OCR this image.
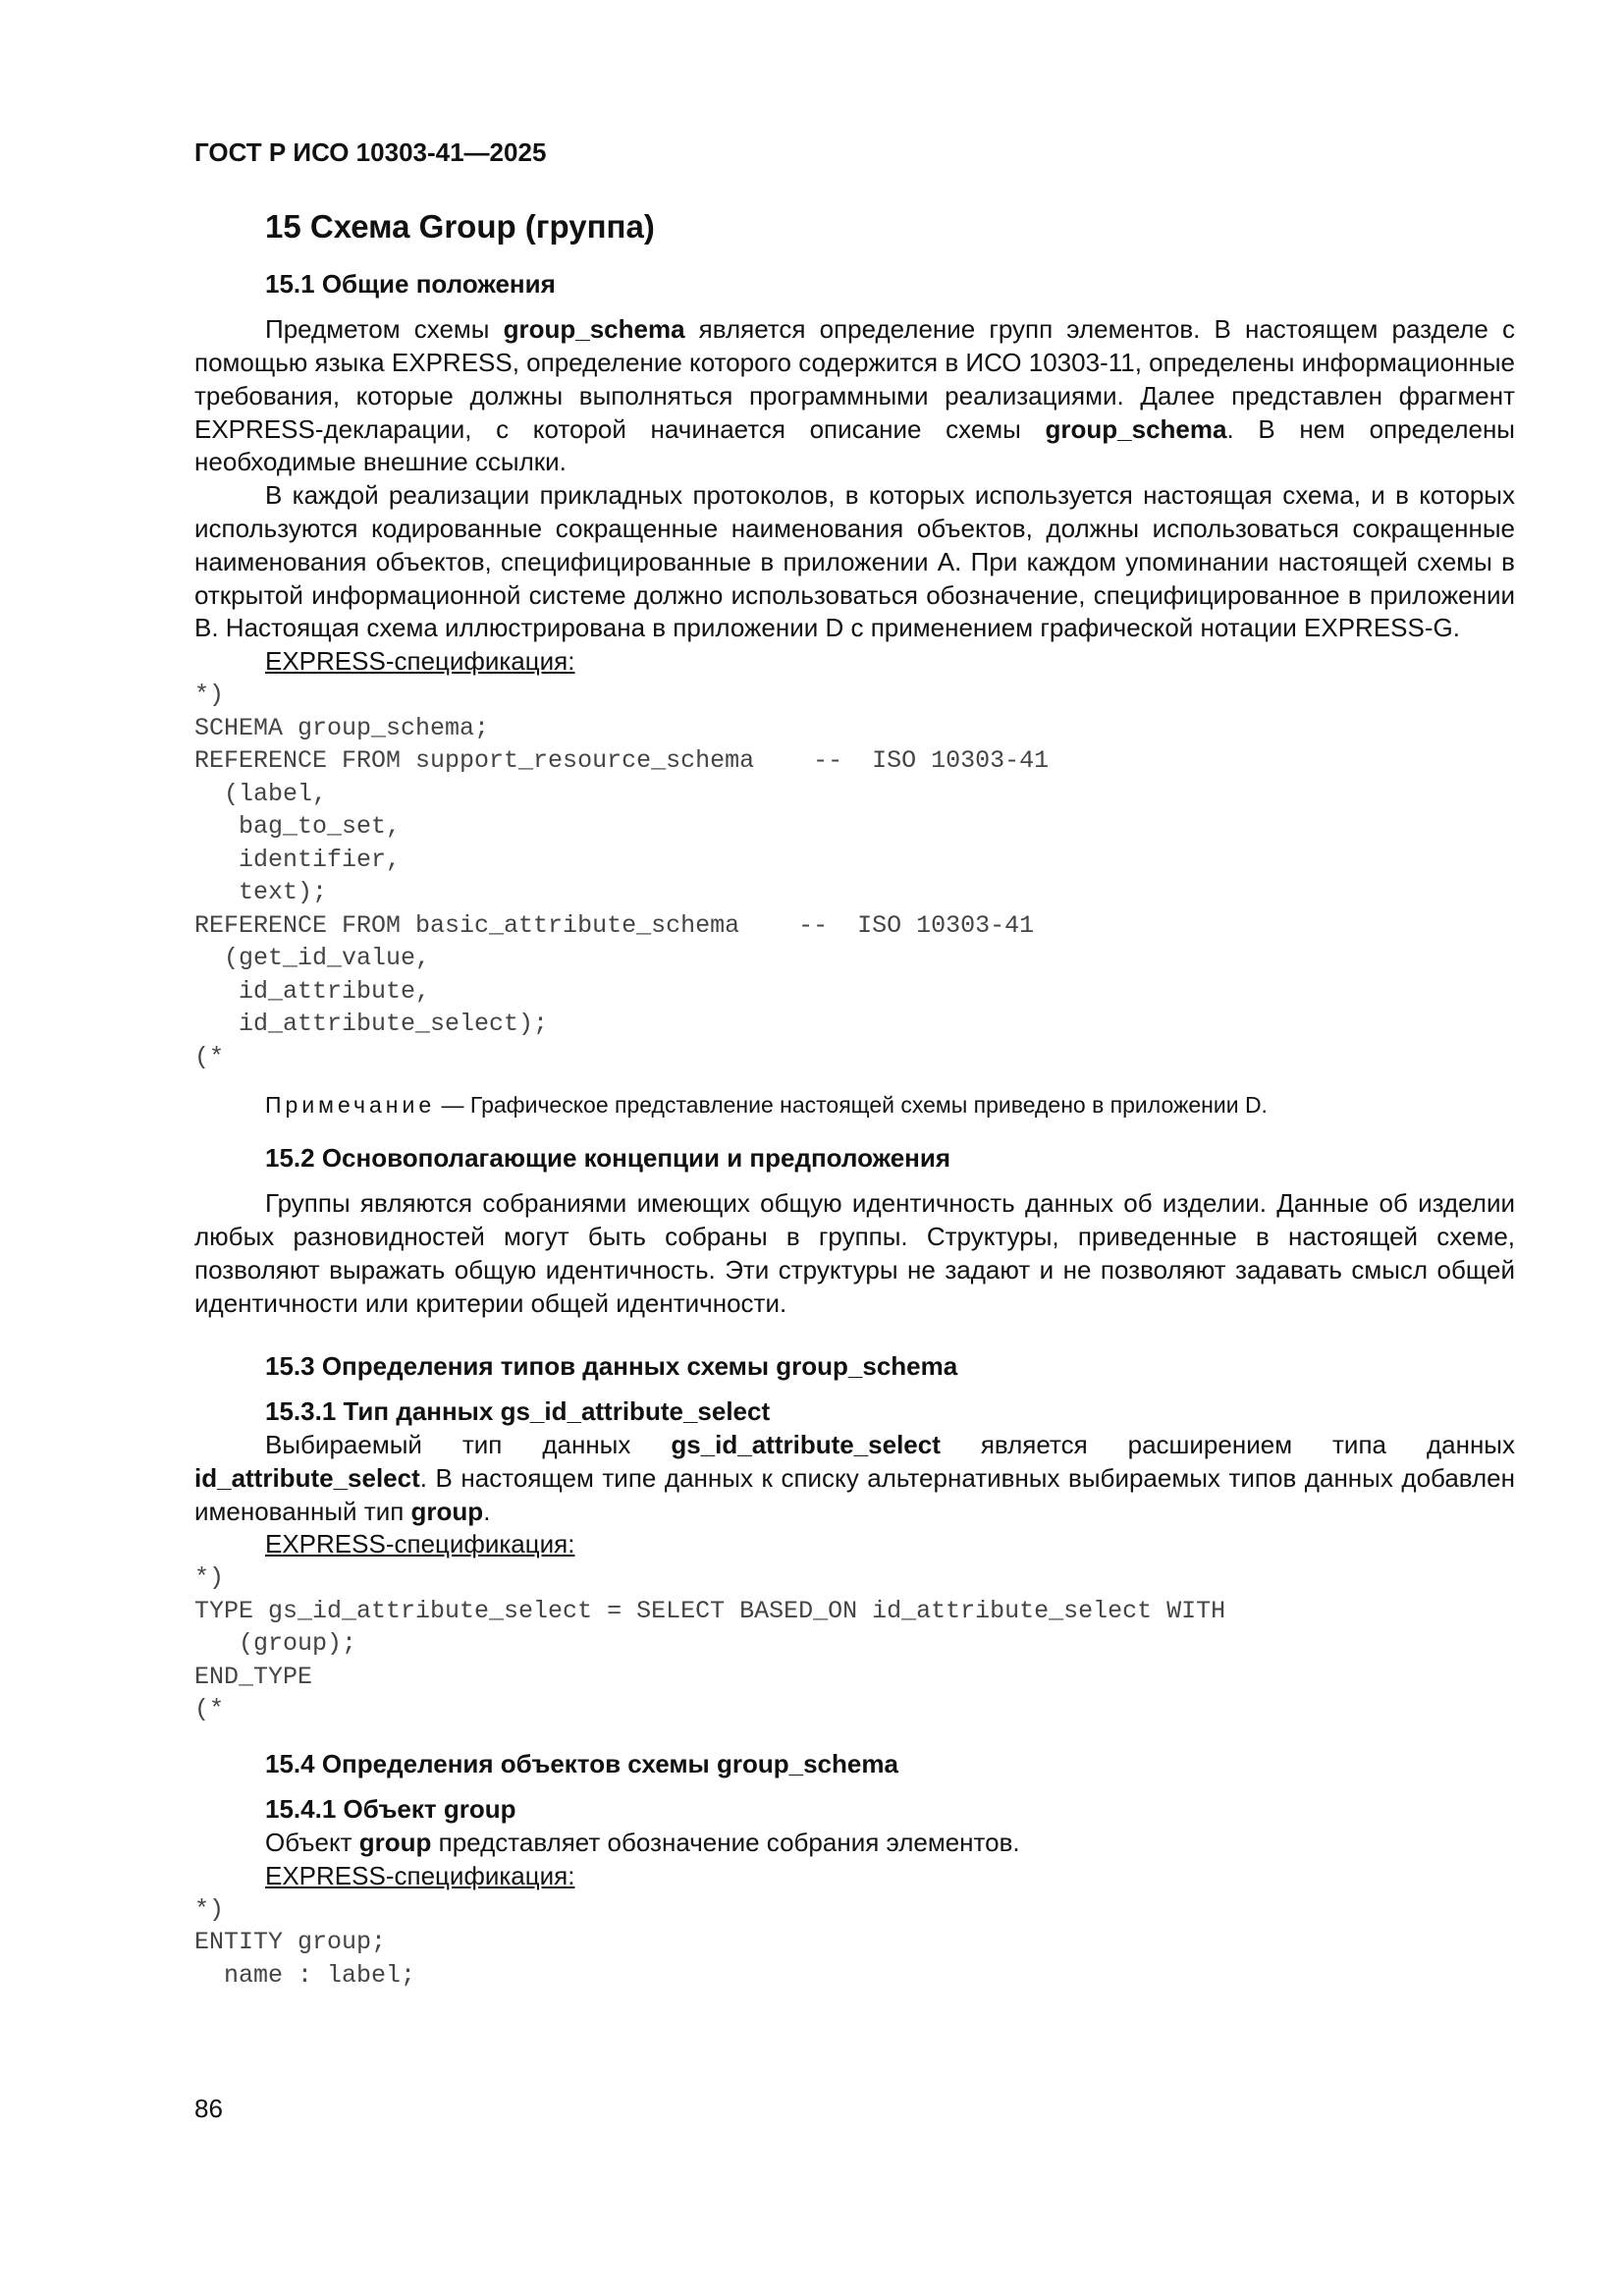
ГОСТ Р ИСО 10303-41—2025
15 Схема Group (группа)
15.1 Общие положения

Предметом схемы group_schema является определение групп элементов. В настоящем разделе с помощью языка EXPRESS, определение которого содержится в ИСО 10303-11, определены информационные требования, которые должны выполняться программными реализациями. Далее представлен фрагмент EXPRESS-декларации, с которой начинается описание схемы group_schema. В нем определены необходимые внешние ссылки.

В каждой реализации прикладных протоколов, в которых используется настоящая схема, и в которых используются кодированные сокращенные наименования объектов, должны использоваться сокращенные наименования объектов, специфицированные в приложении A. При каждом упоминании настоящей схемы в открытой информационной системе должно использоваться обозначение, специфицированное в приложении B. Настоящая схема иллюстрирована в приложении D с применением графической нотации EXPRESS-G.

EXPRESS-спецификация:
*)
SCHEMA group_schema;
REFERENCE FROM support_resource_schema    --  ISO 10303-41
(label,
bag_to_set,
identifier,
text);
REFERENCE FROM basic_attribute_schema    --  ISO 10303-41
(get_id_value,
id_attribute,
id_attribute_select);
(*
Примечание — Графическое представление настоящей схемы приведено в приложении D.
15.2 Основополагающие концепции и предположения

Группы являются собраниями имеющих общую идентичность данных об изделии. Данные об изделии любых разновидностей могут быть собраны в группы. Структуры, приведенные в настоящей схеме, позволяют выражать общую идентичность. Эти структуры не задают и не позволяют задавать смысл общей идентичности или критерии общей идентичности.

15.3 Определения типов данных схемы group_schema
15.3.1 Тип данных gs_id_attribute_select

Выбираемый тип данных gs_id_attribute_select является расширением типа данных id_attribute_select. В настоящем типе данных к списку альтернативных выбираемых типов данных добавлен именованный тип group.

EXPRESS-спецификация:
*)
TYPE gs_id_attribute_select = SELECT BASED_ON id_attribute_select WITH
(group);
END_TYPE
(*
15.4 Определения объектов схемы group_schema
15.4.1 Объект group

Объект group представляет обозначение собрания элементов.

EXPRESS-спецификация:
*)
ENTITY group;
name : label;
86
